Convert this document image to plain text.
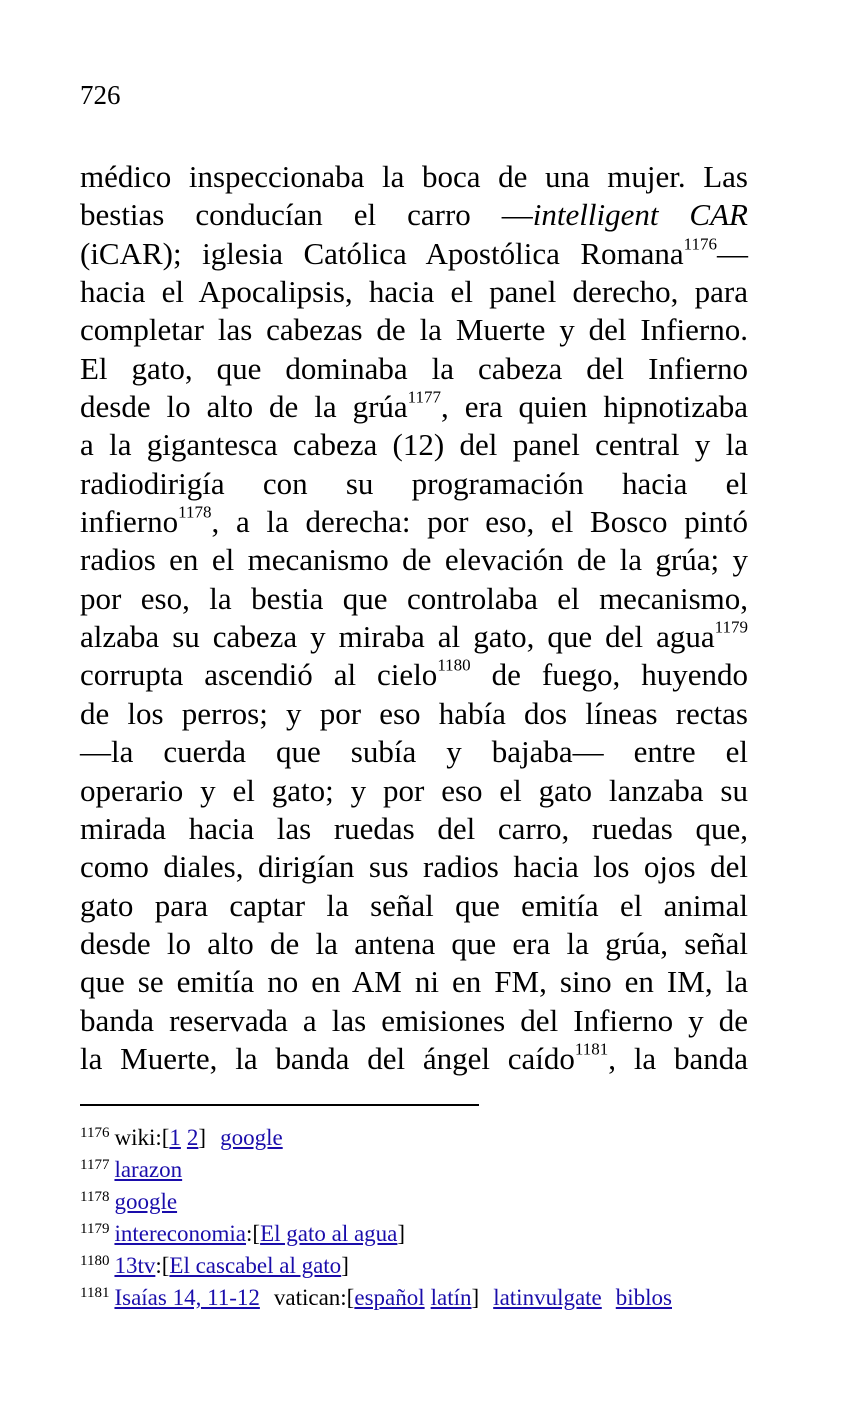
726
médico inspeccionaba la boca de una mujer. Las
bestias conducían el carro —intelligent CAR
(iCAR); iglesia Católica Apostólica Romana$^{1176}$—
hacia el Apocalipsis, hacia el panel derecho, para
completar las cabezas de la Muerte y del Infierno.
El gato, que dominaba la cabeza del Infierno
desde lo alto de la grúa$^{1177}$, era quien hipnotizaba
a la gigantesca cabeza (12) del panel central y la
radiodirigía con su programación hacia el
infierno$^{1178}$, a la derecha: por eso, el Bosco pintó
radios en el mecanismo de elevación de la grúa; y
por eso, la bestia que controlaba el mecanismo,
alzaba su cabeza y miraba al gato, que del agua$^{1179}$
corrupta ascendió al cielo$^{1180}$ de fuego, huyendo
de los perros; y por eso había dos líneas rectas
—la cuerda que subía y bajaba— entre el
operario y el gato; y por eso el gato lanzaba su
mirada hacia las ruedas del carro, ruedas que,
como diales, dirigían sus radios hacia los ojos del
gato para captar la señal que emitía el animal
desde lo alto de la antena que era la grúa, señal
que se emitía no en AM ni en FM, sino en IM, la
banda reservada a las emisiones del Infierno y de
la Muerte, la banda del ángel caído$^{1181}$, la banda
$^{1176}$ wiki:[1 2] google
$^{1177}$ larazon
$^{1178}$ google
$^{1179}$ intereconomia:[El gato al agua]
$^{1180}$ 13tv:[El cascabel al gato]
$^{1181}$ Isaías 14, 11-12 vatican:[español latín] latinvulgate biblos
